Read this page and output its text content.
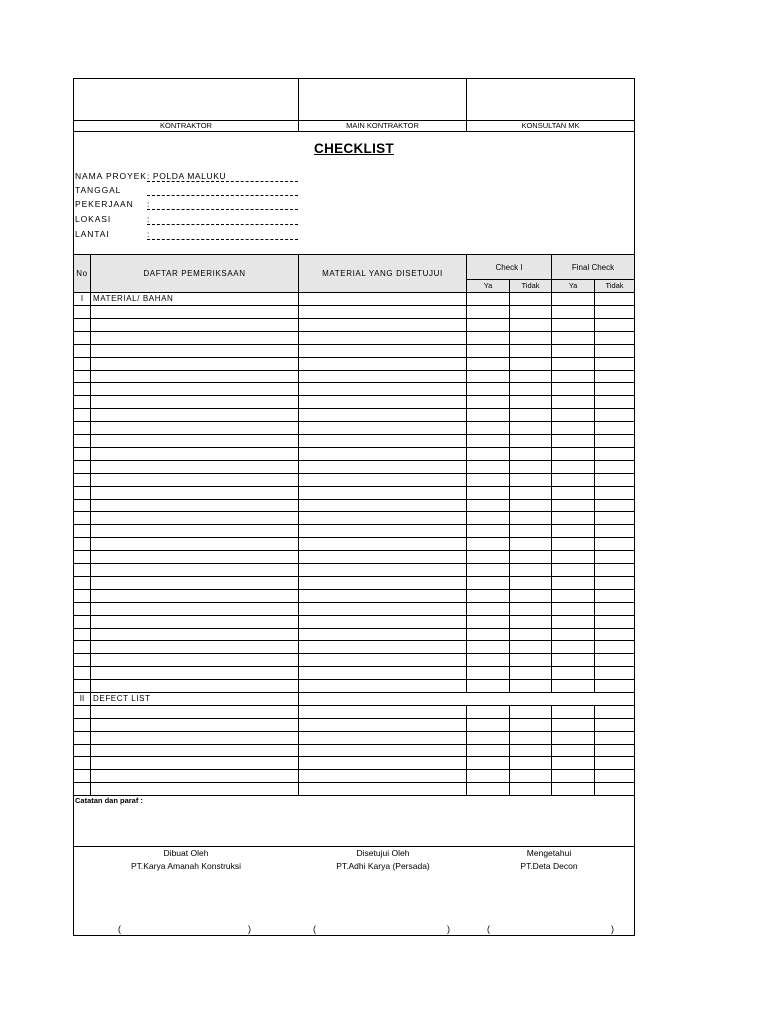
KONTRAKTOR	MAIN KONTRAKTOR	KONSULTAN MK
CHECKLIST
NAMA PROYEK : POLDA MALUKU
TANGGAL
PEKERJAAN :
LOKASI	:
LANTAI	:
No	DAFTAR PEMERIKSAAN	MATERIAL YANG DISETUJUI
Check I	Final Check
Ya	Tidak	Ya	Tidak
I	MATERIAL/ BAHAN
II	DEFECT LIST
Catatan dan paraf :
Dibuat Oleh
PT.Karya Amanah Konstruksi
Disetujui Oleh
PT.Adhi Karya (Persada)
Mengetahui
PT.Deta Decon
(	)	(	)	(	)
